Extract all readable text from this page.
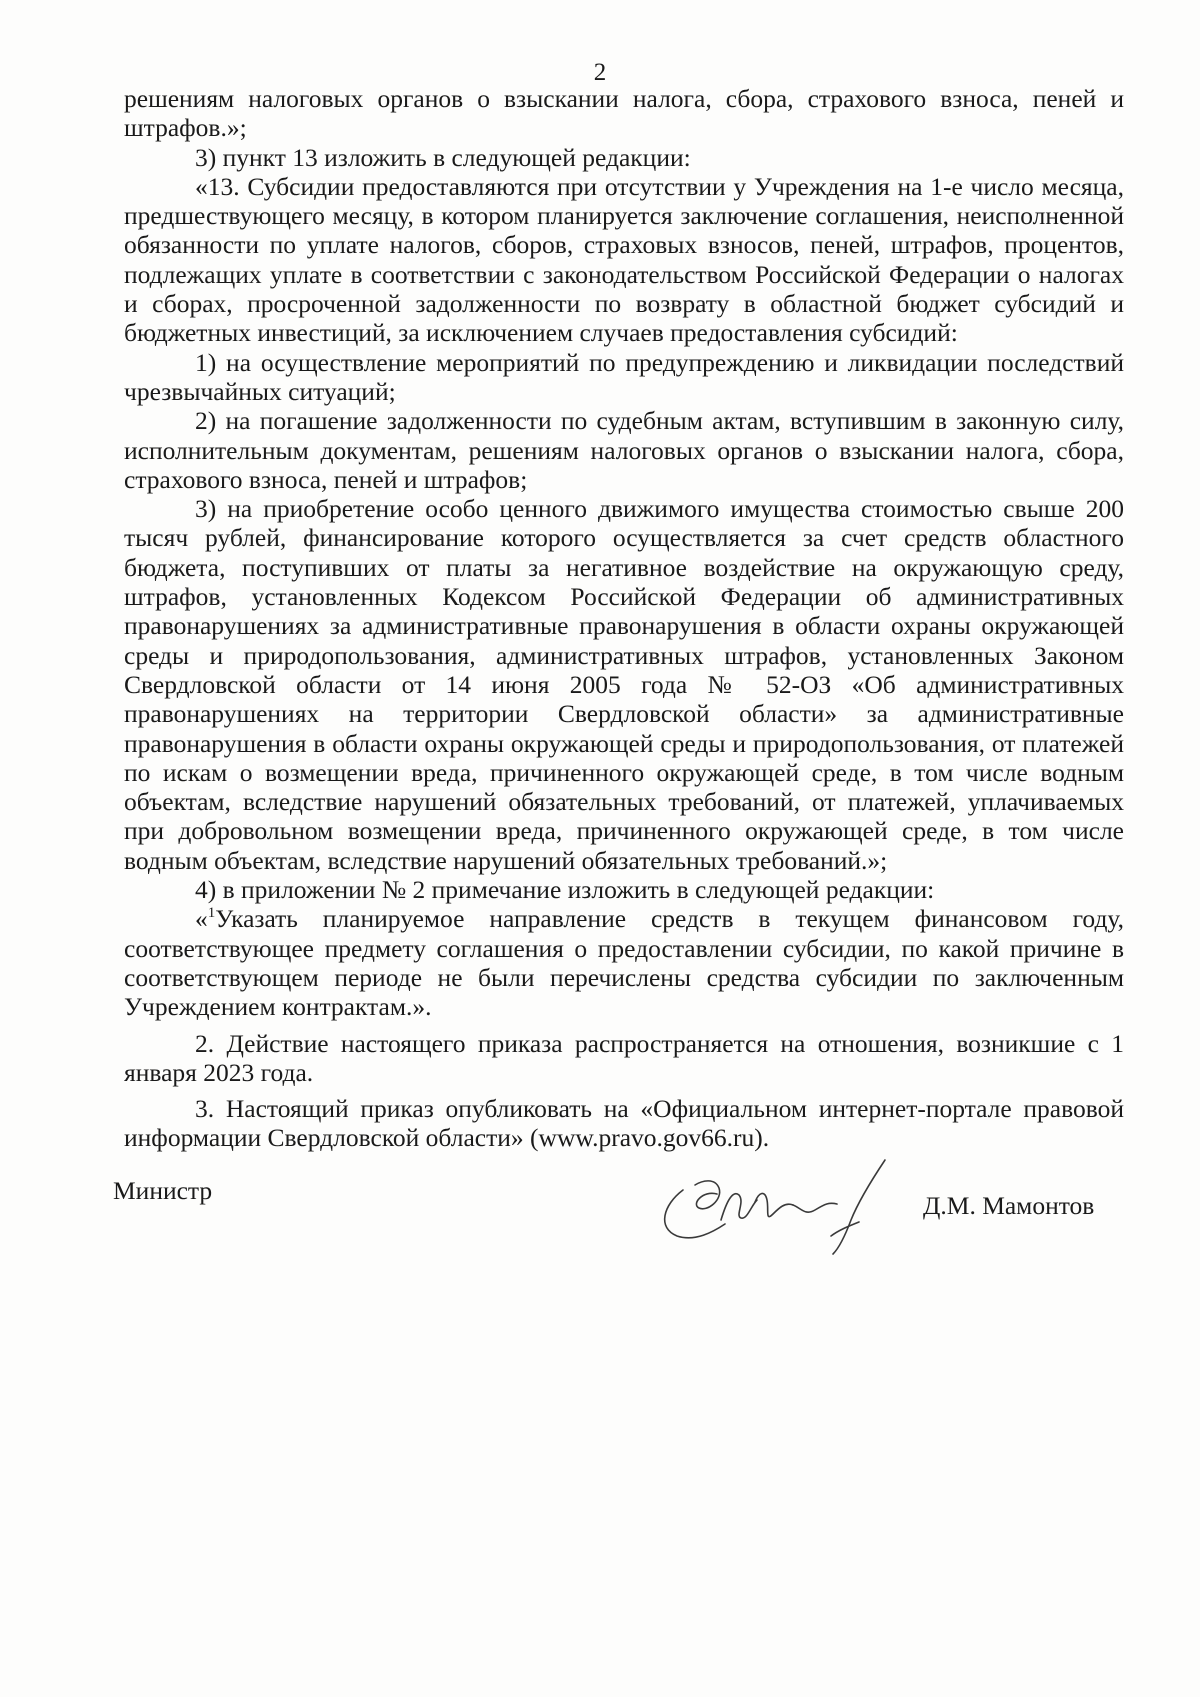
2

решениям налоговых органов о взыскании налога, сбора, страхового взноса, пеней и штрафов.»;

3) пункт 13 изложить в следующей редакции:

«13. Субсидии предоставляются при отсутствии у Учреждения на 1-е число месяца, предшествующего месяцу, в котором планируется заключение соглашения, неисполненной обязанности по уплате налогов, сборов, страховых взносов, пеней, штрафов, процентов, подлежащих уплате в соответствии с законодательством Российской Федерации о налогах и сборах, просроченной задолженности по возврату в областной бюджет субсидий и бюджетных инвестиций, за исключением случаев предоставления субсидий:

1) на осуществление мероприятий по предупреждению и ликвидации последствий чрезвычайных ситуаций;

2) на погашение задолженности по судебным актам, вступившим в законную силу, исполнительным документам, решениям налоговых органов о взыскании налога, сбора, страхового взноса, пеней и штрафов;

3) на приобретение особо ценного движимого имущества стоимостью свыше 200 тысяч рублей, финансирование которого осуществляется за счет средств областного бюджета, поступивших от платы за негативное воздействие на окружающую среду, штрафов, установленных Кодексом Российской Федерации об административных правонарушениях за административные правонарушения в области охраны окружающей среды и природопользования, административных штрафов, установленных Законом Свердловской области от 14 июня 2005 года № 52-ОЗ «Об административных правонарушениях на территории Свердловской области» за административные правонарушения в области охраны окружающей среды и природопользования, от платежей по искам о возмещении вреда, причиненного окружающей среде, в том числе водным объектам, вследствие нарушений обязательных требований, от платежей, уплачиваемых при добровольном возмещении вреда, причиненного окружающей среде, в том числе водным объектам, вследствие нарушений обязательных требований.»;

4) в приложении № 2 примечание изложить в следующей редакции:

«$^1$Указать планируемое направление средств в текущем финансовом году, соответствующее предмету соглашения о предоставлении субсидии, по какой причине в соответствующем периоде не были перечислены средства субсидии по заключенным Учреждением контрактам.».

2. Действие настоящего приказа распространяется на отношения, возникшие с 1 января 2023 года.

3. Настоящий приказ опубликовать на «Официальном интернет-портале правовой информации Свердловской области» (www.pravo.gov66.ru).

Министр
Д.М. Мамонтов
